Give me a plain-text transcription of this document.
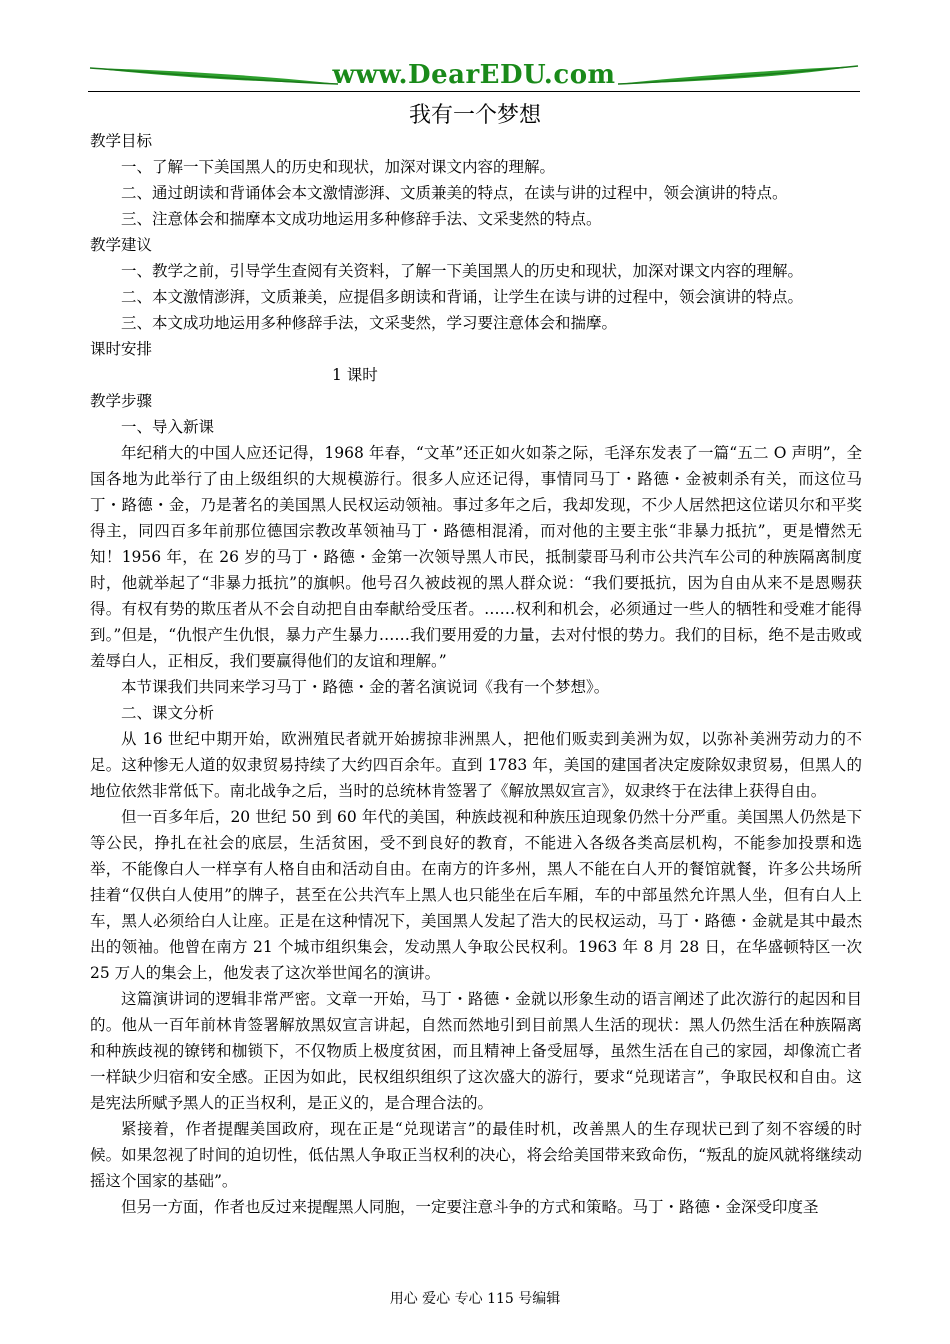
www.DearEDU.com
我有一个梦想

教学目标

一、了解一下美国黑人的历史和现状，加深对课文内容的理解。

二、通过朗读和背诵体会本文激情澎湃、文质兼美的特点，在读与讲的过程中，领会演讲的特点。

三、注意体会和揣摩本文成功地运用多种修辞手法、文采斐然的特点。

教学建议

一、教学之前，引导学生查阅有关资料，了解一下美国黑人的历史和现状，加深对课文内容的理解。

二、本文激情澎湃，文质兼美，应提倡多朗读和背诵，让学生在读与讲的过程中，领会演讲的特点。

三、本文成功地运用多种修辞手法，文采斐然，学习要注意体会和揣摩。

课时安排

1 课时

教学步骤

一、导入新课

年纪稍大的中国人应还记得，1968 年春，“文革”还正如火如荼之际，毛泽东发表了一篇“五二 O 声明”，全国各地为此举行了由上级组织的大规模游行。很多人应还记得，事情同马丁・路德・金被刺杀有关，而这位马丁・路德・金，乃是著名的美国黑人民权运动领袖。事过多年之后，我却发现，不少人居然把这位诺贝尔和平奖得主，同四百多年前那位德国宗教改革领袖马丁・路德相混淆，而对他的主要主张“非暴力抵抗”，更是懵然无知！1956 年，在 26 岁的马丁・路德・金第一次领导黑人市民，抵制蒙哥马利市公共汽车公司的种族隔离制度时，他就举起了“非暴力抵抗”的旗帜。他号召久被歧视的黑人群众说：“我们要抵抗，因为自由从来不是恩赐获得。有权有势的欺压者从不会自动把自由奉献给受压者。……权利和机会，必须通过一些人的牺牲和受难才能得到。”但是，“仇恨产生仇恨，暴力产生暴力……我们要用爱的力量，去对付恨的势力。我们的目标，绝不是击败或羞辱白人，正相反，我们要赢得他们的友谊和理解。”

本节课我们共同来学习马丁・路德・金的著名演说词《我有一个梦想》。

二、课文分析

从 16 世纪中期开始，欧洲殖民者就开始掳掠非洲黑人，把他们贩卖到美洲为奴，以弥补美洲劳动力的不足。这种惨无人道的奴隶贸易持续了大约四百余年。直到 1783 年，美国的建国者决定废除奴隶贸易，但黑人的地位依然非常低下。南北战争之后，当时的总统林肯签署了《解放黑奴宣言》，奴隶终于在法律上获得自由。

但一百多年后，20 世纪 50 到 60 年代的美国，种族歧视和种族压迫现象仍然十分严重。美国黑人仍然是下等公民，挣扎在社会的底层，生活贫困，受不到良好的教育，不能进入各级各类高层机构，不能参加投票和选举，不能像白人一样享有人格自由和活动自由。在南方的许多州，黑人不能在白人开的餐馆就餐，许多公共场所挂着“仅供白人使用”的牌子，甚至在公共汽车上黑人也只能坐在后车厢，车的中部虽然允许黑人坐，但有白人上车，黑人必须给白人让座。正是在这种情况下，美国黑人发起了浩大的民权运动，马丁・路德・金就是其中最杰出的领袖。他曾在南方 21 个城市组织集会，发动黑人争取公民权利。1963 年 8 月 28 日，在华盛顿特区一次 25 万人的集会上，他发表了这次举世闻名的演讲。

这篇演讲词的逻辑非常严密。文章一开始，马丁・路德・金就以形象生动的语言阐述了此次游行的起因和目的。他从一百年前林肯签署解放黑奴宣言讲起，自然而然地引到目前黑人生活的现状：黑人仍然生活在种族隔离和种族歧视的镣铐和枷锁下，不仅物质上极度贫困，而且精神上备受屈辱，虽然生活在自己的家园，却像流亡者一样缺少归宿和安全感。正因为如此，民权组织组织了这次盛大的游行，要求“兑现诺言”，争取民权和自由。这是宪法所赋予黑人的正当权利，是正义的，是合理合法的。

紧接着，作者提醒美国政府，现在正是“兑现诺言”的最佳时机，改善黑人的生存现状已到了刻不容缓的时候。如果忽视了时间的迫切性，低估黑人争取正当权利的决心，将会给美国带来致命伤，“叛乱的旋风就将继续动摇这个国家的基础”。

但另一方面，作者也反过来提醒黑人同胞，一定要注意斗争的方式和策略。马丁・路德・金深受印度圣

用心 爱心 专心 115 号编辑
